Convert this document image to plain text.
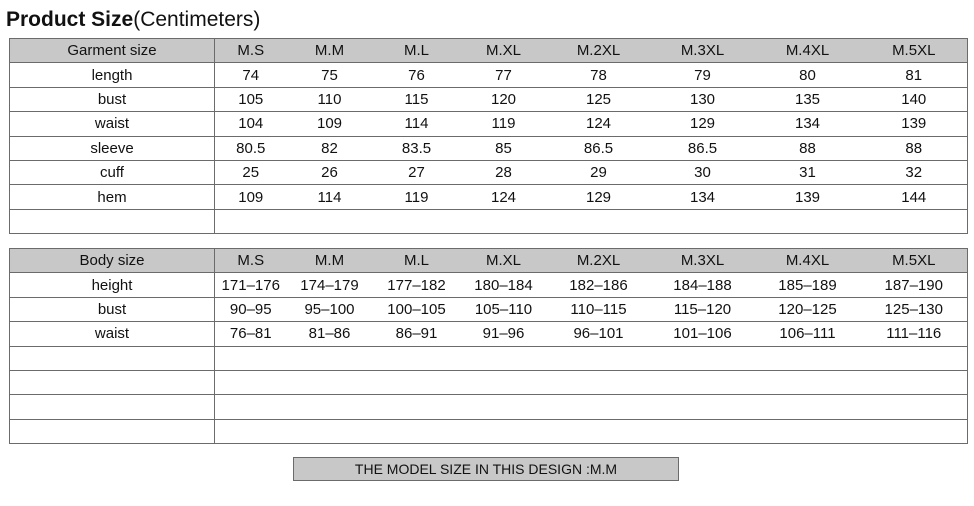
Product Size(Centimeters)
Garment size	M.S	M.M	M.L	M.XL	M.2XL	M.3XL	M.4XL	M.5XL
length	74	75	76	77	78	79	80	81
bust	105	110	115	120	125	130	135	140
waist	104	109	114	119	124	129	134	139
sleeve	80.5	82	83.5	85	86.5	86.5	88	88
cuff	25	26	27	28	29	30	31	32
hem	109	114	119	124	129	134	139	144

Body size	M.S	M.M	M.L	M.XL	M.2XL	M.3XL	M.4XL	M.5XL
height	171–176	174–179	177–182	180–184	182–186	184–188	185–189	187–190
bust	90–95	95–100	100–105	105–110	110–115	115–120	120–125	125–130
waist	76–81	81–86	86–91	91–96	96–101	101–106	106–111	111–116

THE MODEL SIZE IN THIS DESIGN :M.M
